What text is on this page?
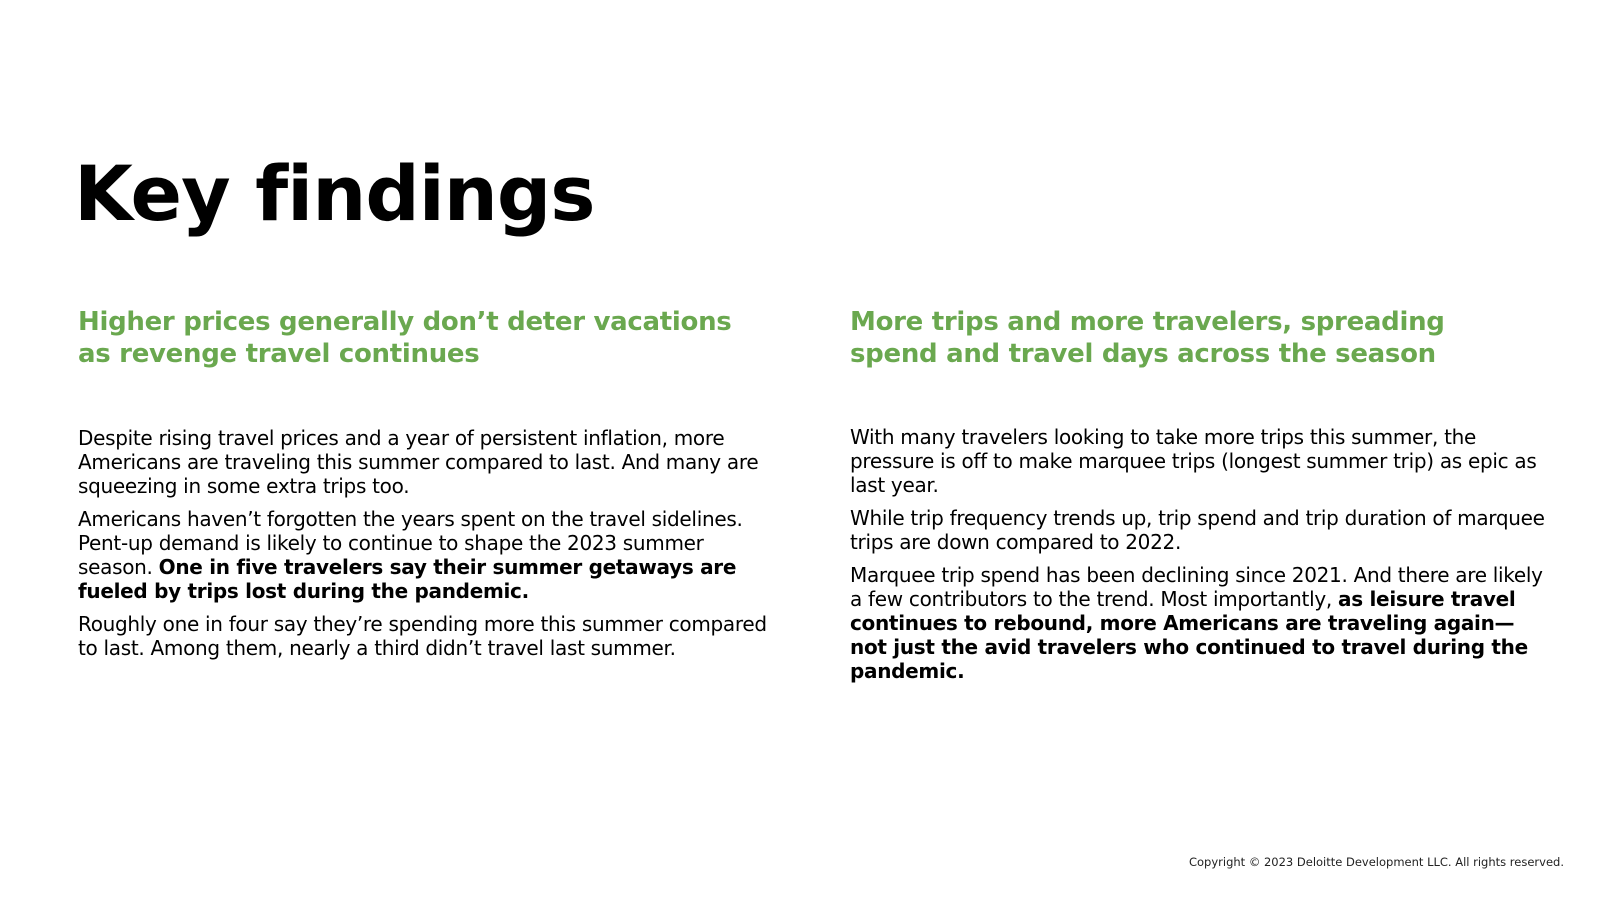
Key findings
Higher prices generally don’t deter vacations
as revenge travel continues

Despite rising travel prices and a year of persistent inflation, more Americans are traveling this summer compared to last. And many are squeezing in some extra trips too.

Americans haven’t forgotten the years spent on the travel sidelines. Pent-up demand is likely to continue to shape the 2023 summer season. One in five travelers say their summer getaways are fueled by trips lost during the pandemic.

Roughly one in four say they’re spending more this summer compared to last. Among them, nearly a third didn’t travel last summer.

More trips and more travelers, spreading
spend and travel days across the season

With many travelers looking to take more trips this summer, the pressure is off to make marquee trips (longest summer trip) as epic as last year.

While trip frequency trends up, trip spend and trip duration of marquee trips are down compared to 2022.

Marquee trip spend has been declining since 2021. And there are likely a few contributors to the trend. Most importantly, as leisure travel continues to rebound, more Americans are traveling again—not just the avid travelers who continued to travel during the pandemic.

Copyright © 2023 Deloitte Development LLC. All rights reserved.
